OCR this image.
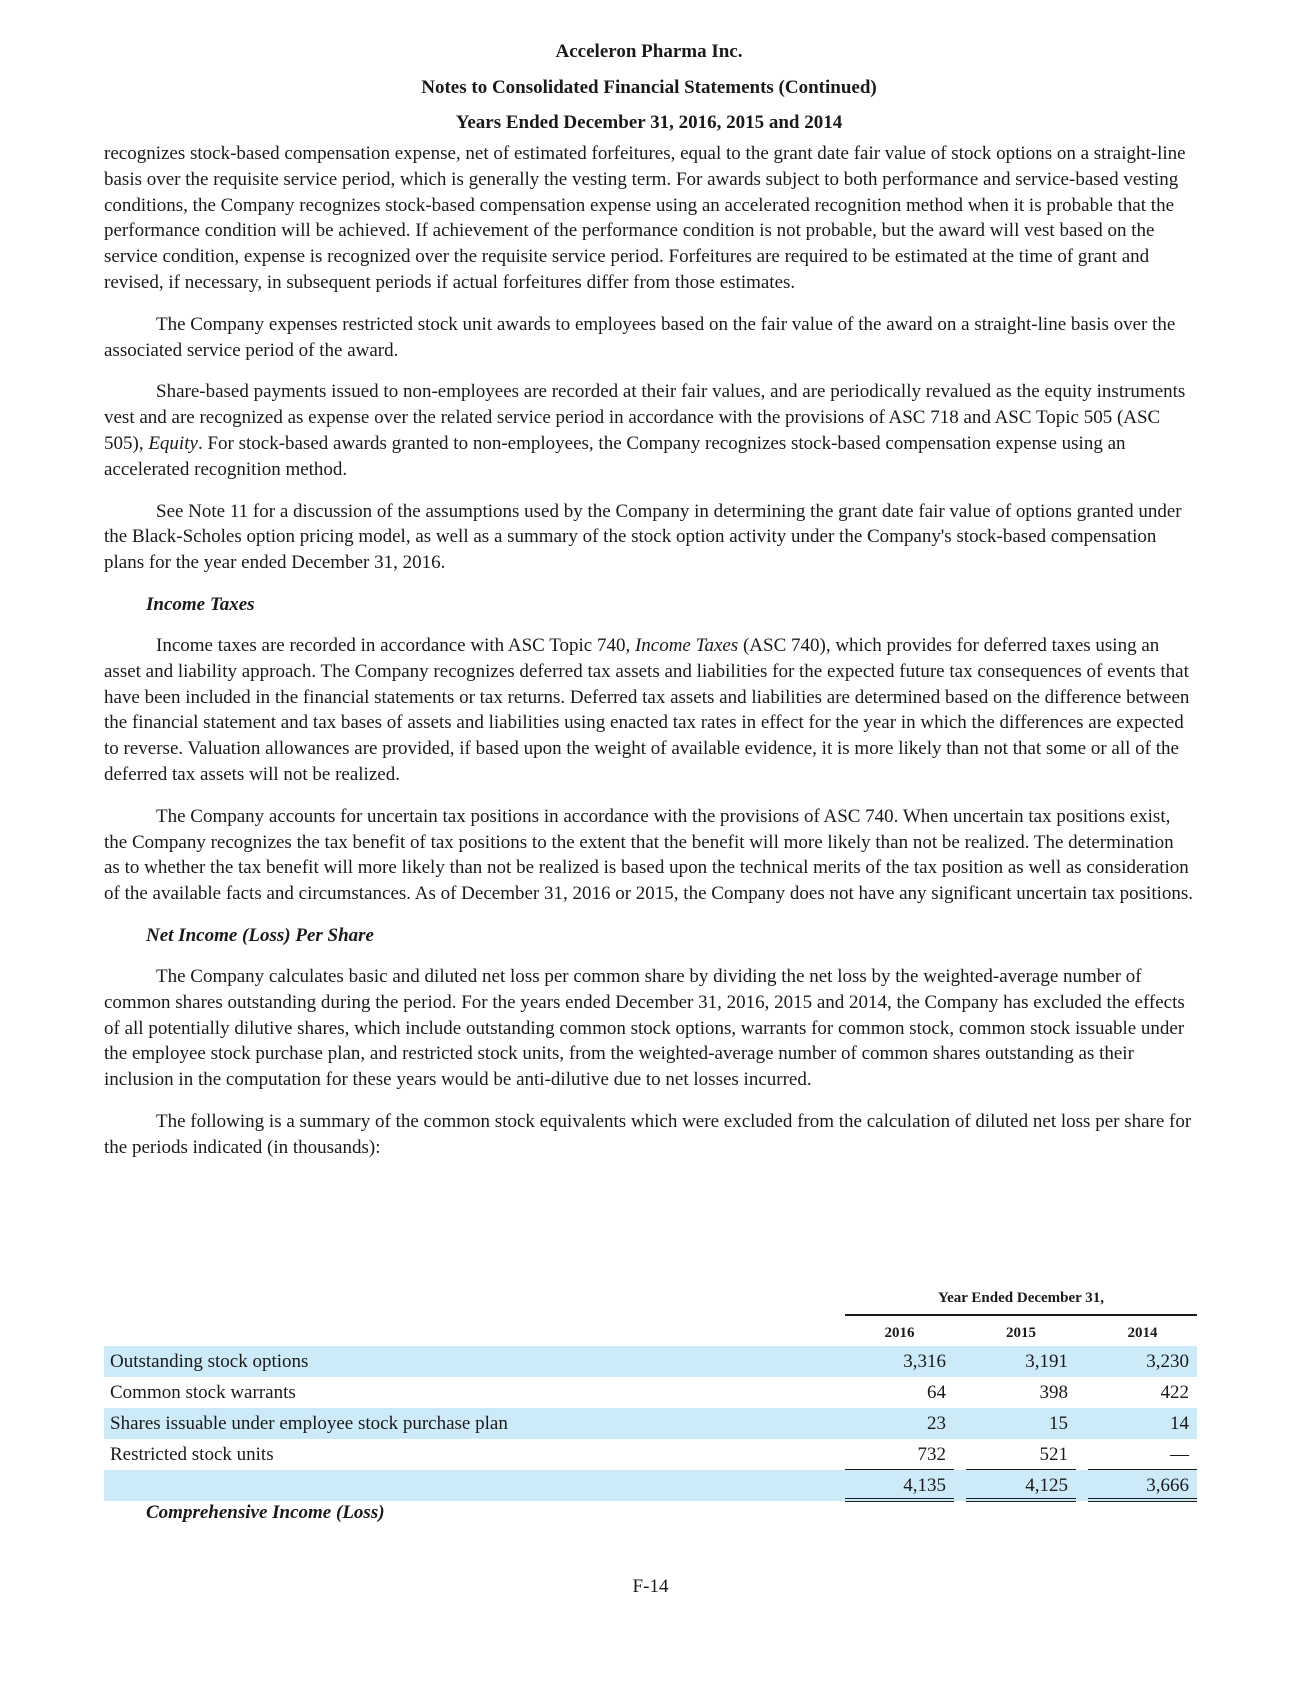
Acceleron Pharma Inc.
Notes to Consolidated Financial Statements (Continued)
Years Ended December 31, 2016, 2015 and 2014

recognizes stock-based compensation expense, net of estimated forfeitures, equal to the grant date fair value of stock options on a straight-line basis over the requisite service period, which is generally the vesting term. For awards subject to both performance and service-based vesting conditions, the Company recognizes stock-based compensation expense using an accelerated recognition method when it is probable that the performance condition will be achieved. If achievement of the performance condition is not probable, but the award will vest based on the service condition, expense is recognized over the requisite service period. Forfeitures are required to be estimated at the time of grant and revised, if necessary, in subsequent periods if actual forfeitures differ from those estimates.

The Company expenses restricted stock unit awards to employees based on the fair value of the award on a straight-line basis over the associated service period of the award.

Share-based payments issued to non-employees are recorded at their fair values, and are periodically revalued as the equity instruments vest and are recognized as expense over the related service period in accordance with the provisions of ASC 718 and ASC Topic 505 (ASC 505), Equity. For stock-based awards granted to non-employees, the Company recognizes stock-based compensation expense using an accelerated recognition method.

See Note 11 for a discussion of the assumptions used by the Company in determining the grant date fair value of options granted under the Black-Scholes option pricing model, as well as a summary of the stock option activity under the Company's stock-based compensation plans for the year ended December 31, 2016.

Income Taxes

Income taxes are recorded in accordance with ASC Topic 740, Income Taxes (ASC 740), which provides for deferred taxes using an asset and liability approach. The Company recognizes deferred tax assets and liabilities for the expected future tax consequences of events that have been included in the financial statements or tax returns. Deferred tax assets and liabilities are determined based on the difference between the financial statement and tax bases of assets and liabilities using enacted tax rates in effect for the year in which the differences are expected to reverse. Valuation allowances are provided, if based upon the weight of available evidence, it is more likely than not that some or all of the deferred tax assets will not be realized.

The Company accounts for uncertain tax positions in accordance with the provisions of ASC 740. When uncertain tax positions exist, the Company recognizes the tax benefit of tax positions to the extent that the benefit will more likely than not be realized. The determination as to whether the tax benefit will more likely than not be realized is based upon the technical merits of the tax position as well as consideration of the available facts and circumstances. As of December 31, 2016 or 2015, the Company does not have any significant uncertain tax positions.

Net Income (Loss) Per Share

The Company calculates basic and diluted net loss per common share by dividing the net loss by the weighted-average number of common shares outstanding during the period. For the years ended December 31, 2016, 2015 and 2014, the Company has excluded the effects of all potentially dilutive shares, which include outstanding common stock options, warrants for common stock, common stock issuable under the employee stock purchase plan, and restricted stock units, from the weighted-average number of common shares outstanding as their inclusion in the computation for these years would be anti-dilutive due to net losses incurred.

The following is a summary of the common stock equivalents which were excluded from the calculation of diluted net loss per share for the periods indicated (in thousands):

Year Ended December 31,
2016	2015	2014
Outstanding stock options	3,316	3,191	3,230
Common stock warrants	64	398	422
Shares issuable under employee stock purchase plan	23	15	14
Restricted stock units	732	521	—
4,135	4,125	3,666
Comprehensive Income (Loss)
F-14
